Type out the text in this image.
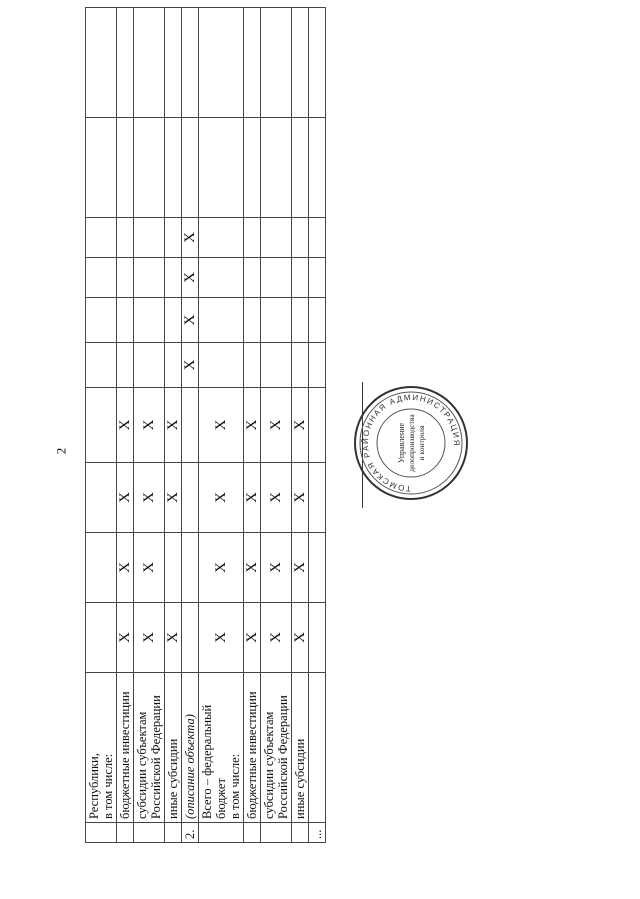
2
	Республики,
в том числе:										
	бюджетные инвестиции	X	X	X	X						
	субсидии субъектам
Российской Федерации	X	X	X	X						
	иные субсидии	X		X	X						
2.	(описание объекта)					X	X	X	X		
	Всего – федеральный бюджет
в том числе:	X	X	X	X						
	бюджетные инвестиции	X	X	X	X						
	субсидии субъектам
Российской Федерации	X	X	X	X						
	иные субсидии	X	X	X	X						
...											
ТОМСКАЯ РАЙОННАЯ АДМИНИСТРАЦИЯ
Управление делопроизводства и контроля
